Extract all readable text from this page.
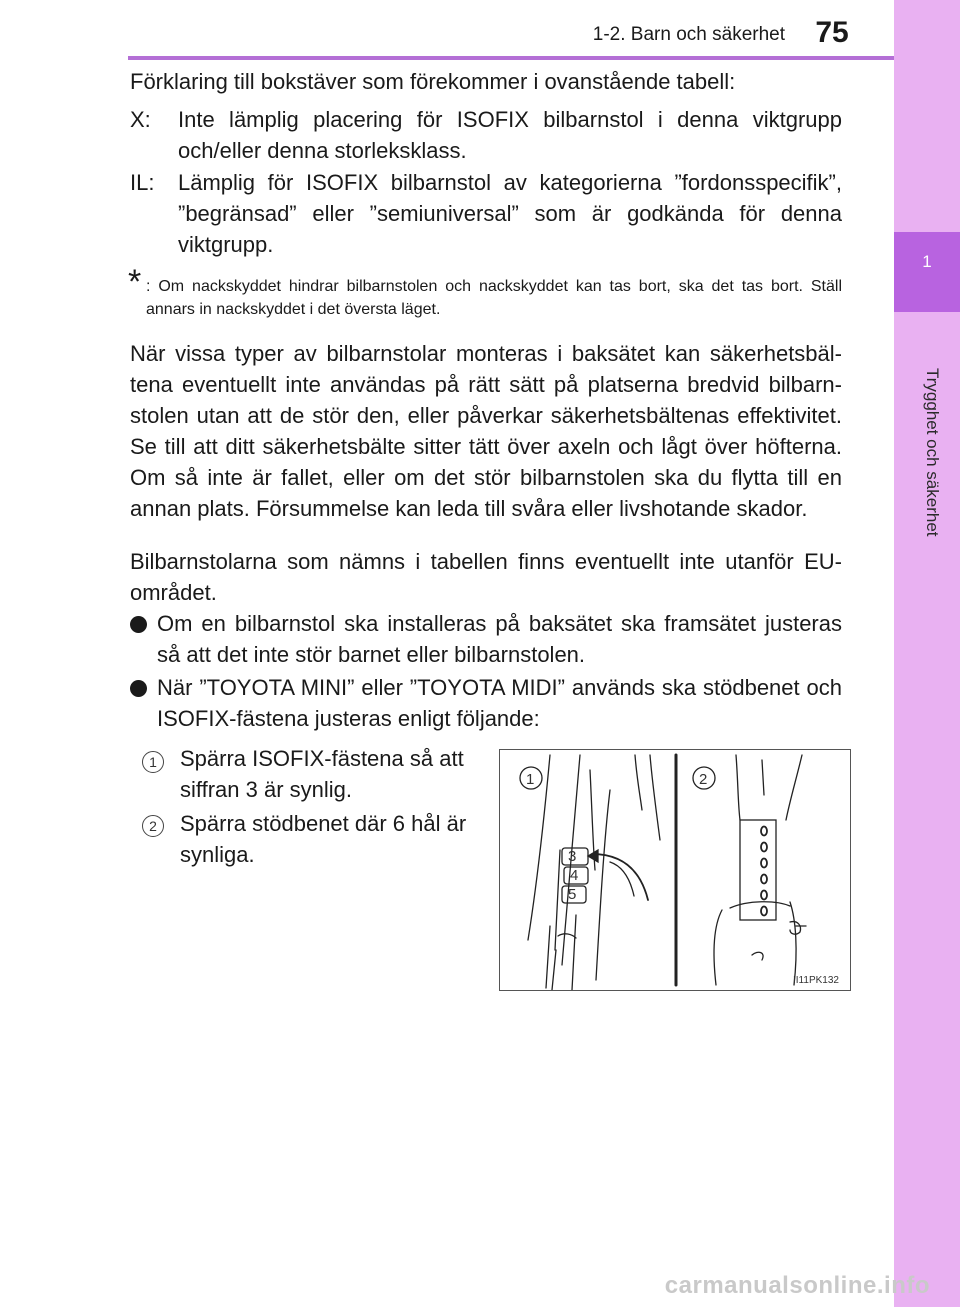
1-2. Barn och säkerhet	75
1
Trygghet och säkerhet
Förklaring till bokstäver som förekommer i ovanstående tabell:
X: Inte lämplig placering för ISOFIX bilbarnstol i denna viktgrupp och/eller denna storleksklass.
IL: Lämplig för ISOFIX bilbarnstol av kategorierna ”fordonsspecifik”, ”begränsad” eller ”semiuniversal” som är godkända för denna viktgrupp.
* : Om nackskyddet hindrar bilbarnstolen och nackskyddet kan tas bort, ska det tas bort. Ställ annars in nackskyddet i det översta läget.
När vissa typer av bilbarnstolar monteras i baksätet kan säkerhetsbältena eventuellt inte användas på rätt sätt på platserna bredvid bilbarnstolen utan att de stör den, eller påverkar säkerhetsbältenas effektivitet. Se till att ditt säkerhetsbälte sitter tätt över axeln och lågt över höfterna. Om så inte är fallet, eller om det stör bilbarnstolen ska du flytta till en annan plats. Försummelse kan leda till svåra eller livshotande skador.
Bilbarnstolarna som nämns i tabellen finns eventuellt inte utanför EU-området.
Om en bilbarnstol ska installeras på baksätet ska framsätet justeras så att det inte stör barnet eller bilbarnstolen.
När ”TOYOTA MINI” eller ”TOYOTA MIDI” används ska stödbenet och ISOFIX-fästena justeras enligt följande:
1	Spärra ISOFIX-fästena så att siffran 3 är synlig.
2	Spärra stödbenet där 6 hål är synliga.	3
4
5
1	2
II11PK132
carmanualsonline.info
